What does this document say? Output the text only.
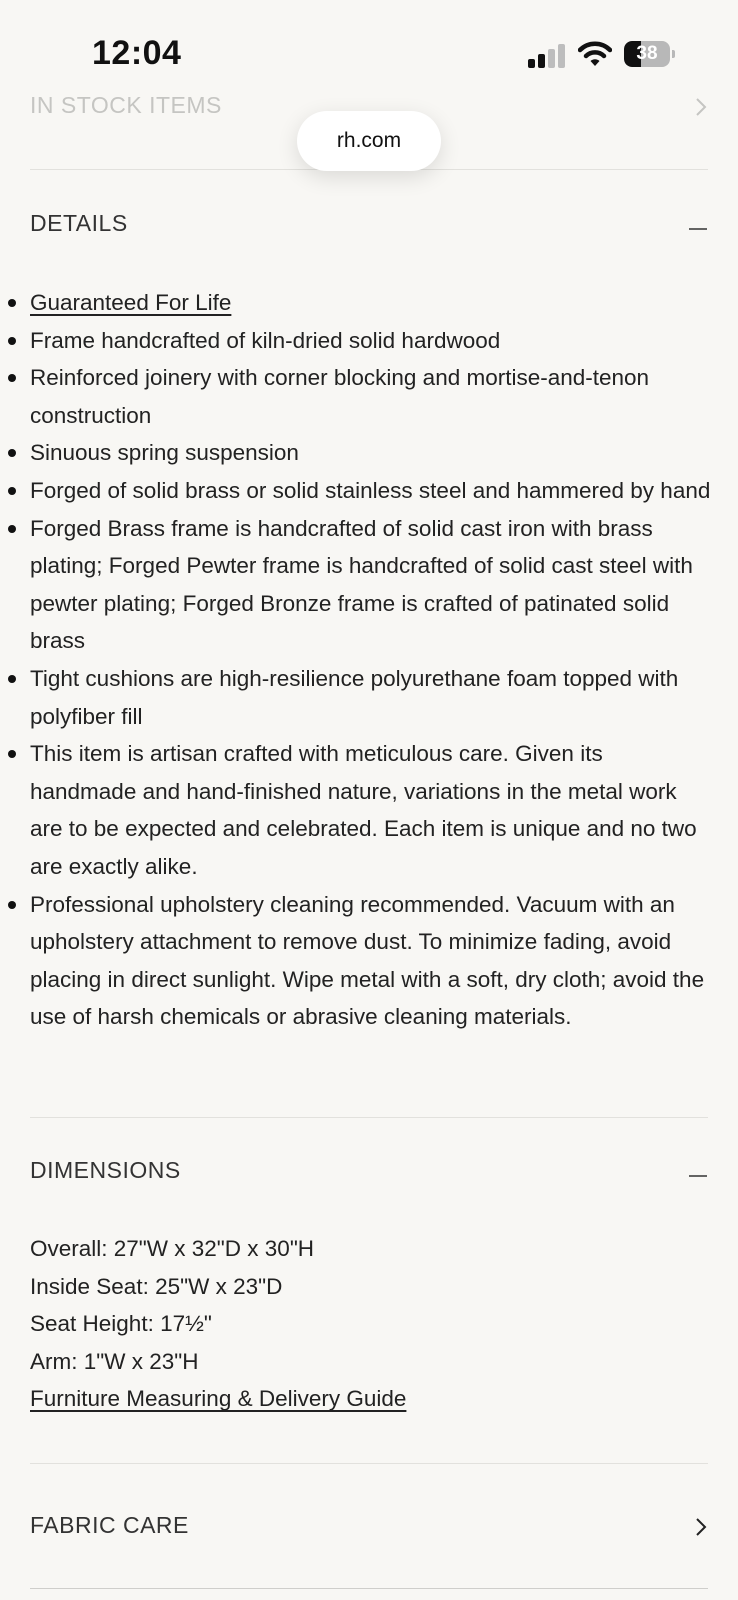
12:04	38
rh.com
IN STOCK ITEMS
DETAILS
Guaranteed For Life
Frame handcrafted of kiln-dried solid hardwood
Reinforced joinery with corner blocking and mortise-and-tenon construction
Sinuous spring suspension
Forged of solid brass or solid stainless steel and hammered by hand
Forged Brass frame is handcrafted of solid cast iron with brass plating; Forged Pewter frame is handcrafted of solid cast steel with pewter plating; Forged Bronze frame is crafted of patinated solid brass
Tight cushions are high-resilience polyurethane foam topped with polyfiber fill
This item is artisan crafted with meticulous care. Given its handmade and hand-finished nature, variations in the metal work are to be expected and celebrated. Each item is unique and no two are exactly alike.
Professional upholstery cleaning recommended. Vacuum with an upholstery attachment to remove dust. To minimize fading, avoid placing in direct sunlight. Wipe metal with a soft, dry cloth; avoid the use of harsh chemicals or abrasive cleaning materials.
DIMENSIONS
Overall: 27"W x 32"D x 30"H
Inside Seat: 25"W x 23"D
Seat Height: 17½"
Arm: 1"W x 23"H
Furniture Measuring & Delivery Guide
FABRIC CARE
